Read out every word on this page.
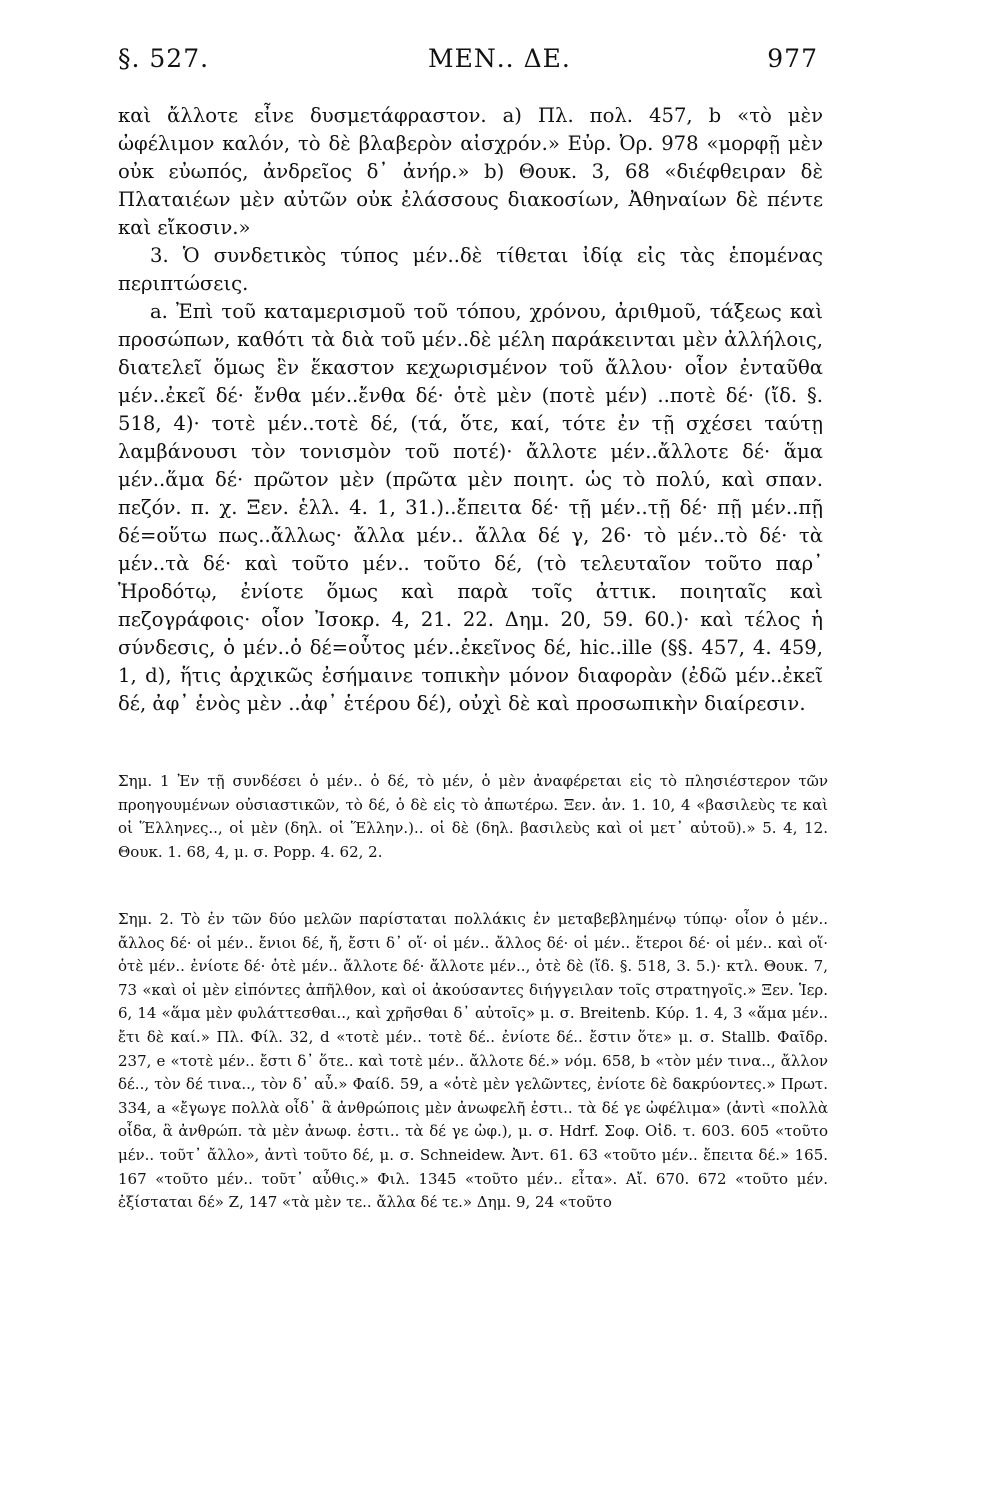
§. 527.	ΜΕΝ.. ΔΕ.	977

καὶ ἄλλοτε εἶνε δυσμετάφραστον. a) Πλ. πολ. 457, b «τὸ μὲν ὠφέλιμον καλόν, τὸ δὲ βλαβερὸν αἰσχρόν.» Εὐρ. Ὀρ. 978 «μορφῇ μὲν οὐκ εὐωπός, ἀνδρεῖος δ᾽ ἀνήρ.» b) Θουκ. 3, 68 «διέφθειραν δὲ Πλαταιέων μὲν αὐτῶν οὐκ ἐλάσσους διακοσίων, Ἀθηναίων δὲ πέντε καὶ εἴκοσιν.»

3. Ὁ συνδετικὸς τύπος μέν..δὲ τίθεται ἰδίᾳ εἰς τὰς ἑπομένας περιπτώσεις.

a. Ἐπὶ τοῦ καταμερισμοῦ τοῦ τόπου, χρόνου, ἀριθμοῦ, τάξεως καὶ προσώπων, καθότι τὰ διὰ τοῦ μέν..δὲ μέλη παράκεινται μὲν ἀλλήλοις, διατελεῖ ὅμως ἓν ἕκαστον κεχωρισμένον τοῦ ἄλλου· οἷον ἐνταῦθα μέν..ἐκεῖ δέ· ἔνθα μέν..ἔνθα δέ· ὁτὲ μὲν (ποτὲ μέν) ..ποτὲ δέ· (ἴδ. §. 518, 4)· τοτὲ μέν..τοτὲ δέ, (τά, ὅτε, καί, τότε ἐν τῇ σχέσει ταύτῃ λαμβάνουσι τὸν τονισμὸν τοῦ ποτέ)· ἄλλοτε μέν..ἄλλοτε δέ· ἅμα μέν..ἅμα δέ· πρῶτον μὲν (πρῶτα μὲν ποιητ. ὡς τὸ πολύ, καὶ σπαν. πεζόν. π. χ. Ξεν. ἑλλ. 4. 1, 31.)..ἔπειτα δέ· τῇ μέν..τῇ δέ· πῇ μέν..πῇ δέ=οὕτω πως..ἄλλως· ἄλλα μέν.. ἄλλα δέ γ, 26· τὸ μέν..τὸ δέ· τὰ μέν..τὰ δέ· καὶ τοῦτο μέν.. τοῦτο δέ, (τὸ τελευταῖον τοῦτο παρ᾽ Ἡροδότῳ, ἐνίοτε ὅμως καὶ παρὰ τοῖς ἀττικ. ποιηταῖς καὶ πεζογράφοις· οἷον Ἰσοκρ. 4, 21. 22. Δημ. 20, 59. 60.)· καὶ τέλος ἡ σύνδεσις, ὁ μέν..ὁ δέ=οὗτος μέν..ἐκεῖνος δέ, hic..ille (§§. 457, 4. 459, 1, d), ἥτις ἀρχικῶς ἐσήμαινε τοπικὴν μόνον διαφορὰν (ἐδῶ μέν..ἐκεῖ δέ, ἀφ᾽ ἑνὸς μὲν ..ἀφ᾽ ἑτέρου δέ), οὐχὶ δὲ καὶ προσωπικὴν διαίρεσιν.

Σημ. 1 Ἐν τῇ συνδέσει ὁ μέν.. ὁ δέ, τὸ μέν, ὁ μὲν ἀναφέρεται εἰς τὸ πλησιέστερον τῶν προηγουμένων οὐσιαστικῶν, τὸ δέ, ὁ δὲ εἰς τὸ ἀπωτέρω. Ξεν. ἀν. 1. 10, 4 «βασιλεὺς τε καὶ οἱ Ἕλληνες.., οἱ μὲν (δηλ. οἱ Ἕλλην.).. οἱ δὲ (δηλ. βασιλεὺς καὶ οἱ μετ᾽ αὐτοῦ).» 5. 4, 12. Θουκ. 1. 68, 4, μ. σ. Popp. 4. 62, 2.

Σημ. 2. Τὸ ἐν τῶν δύο μελῶν παρίσταται πολλάκις ἐν μεταβεβλημένῳ τύπῳ· οἷον ὁ μέν.. ἄλλος δέ· οἱ μέν.. ἔνιοι δέ, ἤ, ἔστι δ᾽ οἵ· οἱ μέν.. ἄλλος δέ· οἱ μέν.. ἕτεροι δέ· οἱ μέν.. καὶ οἵ· ὁτὲ μέν.. ἐνίοτε δέ· ὁτὲ μέν.. ἄλλοτε δέ· ἄλλοτε μέν.., ὁτὲ δὲ (ἴδ. §. 518, 3. 5.)· κτλ. Θουκ. 7, 73 «καὶ οἱ μὲν εἰπόντες ἀπῆλθον, καὶ οἱ ἀκούσαντες διήγγειλαν τοῖς στρατηγοῖς.» Ξεν. Ἱερ. 6, 14 «ἅμα μὲν φυλάττεσθαι.., καὶ χρῆσθαι δ᾽ αὐτοῖς» μ. σ. Breitenb. Κύρ. 1. 4, 3 «ἅμα μέν.. ἔτι δὲ καί.» Πλ. Φίλ. 32, d «τοτὲ μέν.. τοτὲ δέ.. ἐνίοτε δέ.. ἔστιν ὅτε» μ. σ. Stallb. Φαῖδρ. 237, e «τοτὲ μέν.. ἔστι δ᾽ ὅτε.. καὶ τοτὲ μέν.. ἄλλοτε δέ.» νόμ. 658, b «τὸν μέν τινα.., ἄλλον δέ.., τὸν δέ τινα.., τὸν δ᾽ αὖ.» Φαίδ. 59, a «ὁτὲ μὲν γελῶντες, ἐνίοτε δὲ δακρύοντες.» Πρωτ. 334, a «ἔγωγε πολλὰ οἶδ᾽ ἃ ἀνθρώποις μὲν ἀνωφελῆ ἐστι.. τὰ δέ γε ὠφέλιμα» (ἀντὶ «πολλὰ οἶδα, ἃ ἀνθρώπ. τὰ μὲν ἀνωφ. ἐστι.. τὰ δέ γε ὠφ.), μ. σ. Hdrf. Σοφ. Οἰδ. τ. 603. 605 «τοῦτο μέν.. τοῦτ᾽ ἄλλο», ἀντὶ τοῦτο δέ, μ. σ. Schneidew. Ἀντ. 61. 63 «τοῦτο μέν.. ἔπειτα δέ.» 165. 167 «τοῦτο μέν.. τοῦτ᾽ αὖθις.» Φιλ. 1345 «τοῦτο μέν.. εἶτα». Αἴ. 670. 672 «τοῦτο μέν. ἐξίσταται δέ» Ζ, 147 «τὰ μὲν τε.. ἄλλα δέ τε.» Δημ. 9, 24 «τοῦτο
